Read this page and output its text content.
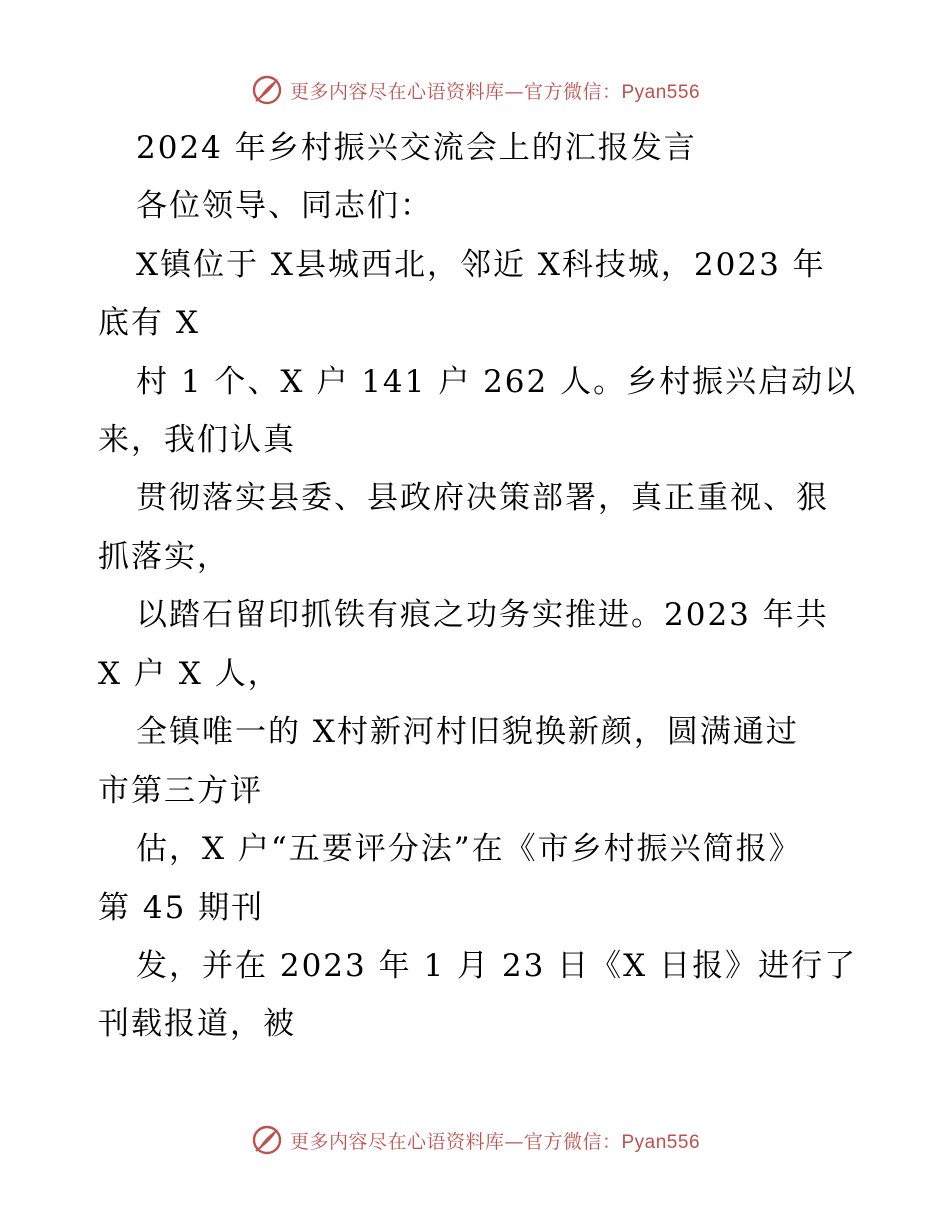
更多内容尽在心语资料库—官方微信：Pyan556
2024 年乡村振兴交流会上的汇报发言
各位领导、同志们：
X镇位于 X县城西北，邻近 X科技城，2023 年
底有 X
村 1 个、X 户 141 户 262 人。乡村振兴启动以
来，我们认真
贯彻落实县委、县政府决策部署，真正重视、狠
抓落实，
以踏石留印抓铁有痕之功务实推进。2023 年共
X 户 X 人，
全镇唯一的 X村新河村旧貌换新颜，圆满通过
市第三方评
估，X 户“五要评分法”在《市乡村振兴简报》
第 45 期刊
发，并在 2023 年 1 月 23 日《X 日报》进行了
刊载报道，被
更多内容尽在心语资料库—官方微信：Pyan556
